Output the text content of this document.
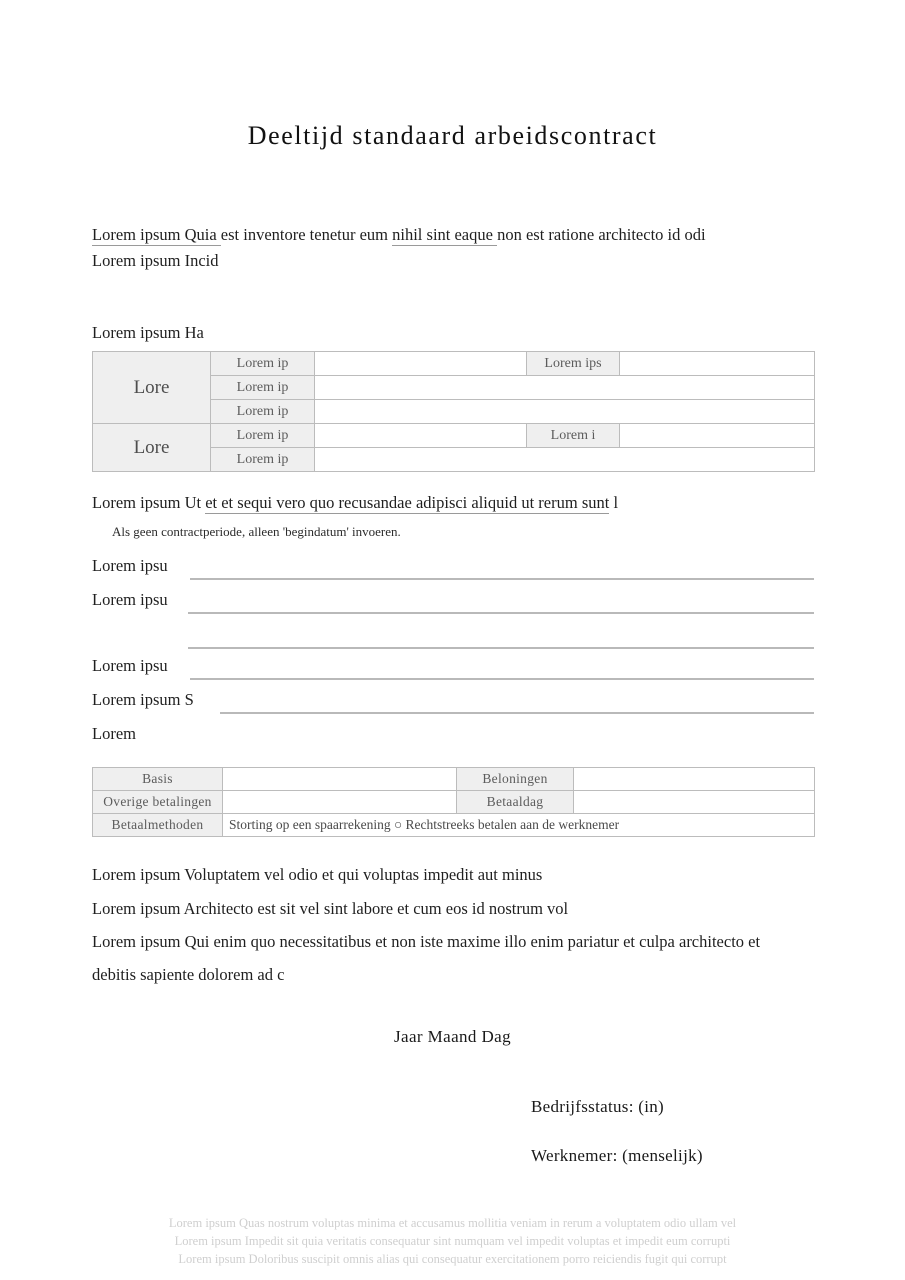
Deeltijd standaard arbeidscontract
Lorem ipsum Quia est inventore tenetur eum nihil sint eaque non est ratione architecto id odi
Lorem ipsum Incid
Lorem ipsum Ha
Lore	Lorem ip		Lorem ips	
	Lorem ip			
	Lorem ip			
Lore	Lorem ip		Lorem i	
	Lorem ip			
Lorem ipsum Ut et et sequi vero quo recusandae adipisci aliquid ut rerum sunt l
Als geen contractperiode, alleen 'begindatum' invoeren.
Lorem ipsu
Lorem ipsu
Lorem ipsu
Lorem ipsum S
Lorem
Basis		Beloningen	
Overige betalingen		Betaaldag	
Betaalmethoden	Storting op een spaarrekening ○ Rechtstreeks betalen aan de werknemer		
Lorem ipsum Voluptatem vel odio et qui voluptas impedit aut minus
Lorem ipsum Architecto est sit vel sint labore et cum eos id nostrum vol
Lorem ipsum Qui enim quo necessitatibus et non iste maxime illo enim pariatur et culpa architecto et debitis sapiente dolorem ad c
Jaar Maand Dag
Bedrijfsstatus: (in)
Werknemer: (menselijk)
Lorem ipsum Quas nostrum voluptas minima et accusamus mollitia veniam in rerum a voluptatem odio ullam vel
Lorem ipsum Impedit sit quia veritatis consequatur sint numquam vel impedit voluptas et impedit eum corrupti
Lorem ipsum Doloribus suscipit omnis alias qui consequatur exercitationem porro reiciendis fugit qui corrupt
